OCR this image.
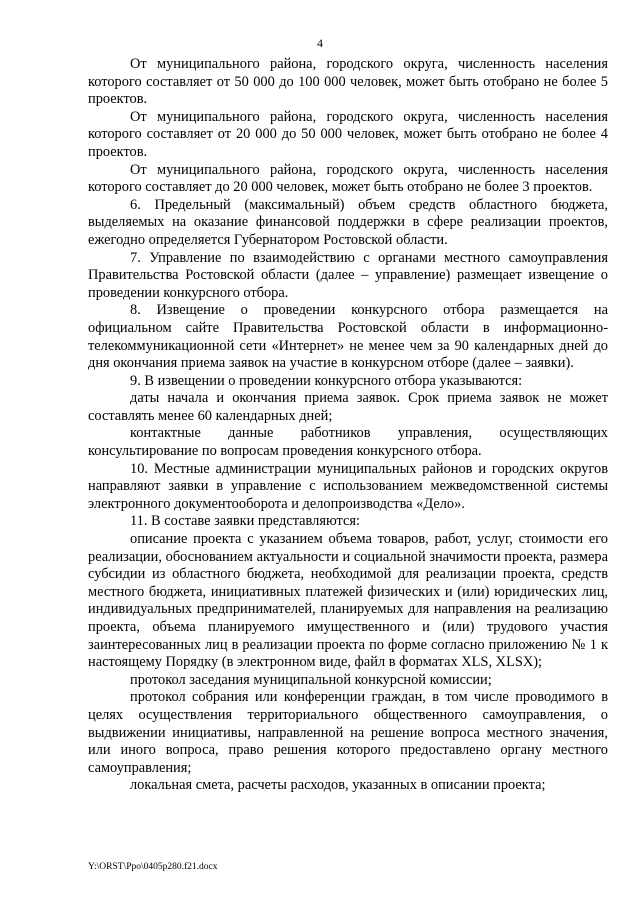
4

От муниципального района, городского округа, численность населения которого составляет от 50 000 до 100 000 человек, может быть отобрано не более 5 проектов.

От муниципального района, городского округа, численность населения которого составляет от 20 000 до 50 000 человек, может быть отобрано не более 4 проектов.

От муниципального района, городского округа, численность населения которого составляет до 20 000 человек, может быть отобрано не более 3 проектов.

6. Предельный (максимальный) объем средств областного бюджета, выделяемых на оказание финансовой поддержки в сфере реализации проектов, ежегодно определяется Губернатором Ростовской области.

7. Управление по взаимодействию с органами местного самоуправления Правительства Ростовской области (далее – управление) размещает извещение о проведении конкурсного отбора.

8. Извещение о проведении конкурсного отбора размещается на официальном сайте Правительства Ростовской области в информационно-телекоммуникационной сети «Интернет» не менее чем за 90 календарных дней до дня окончания приема заявок на участие в конкурсном отборе (далее – заявки).

9. В извещении о проведении конкурсного отбора указываются:

даты начала и окончания приема заявок. Срок приема заявок не может составлять менее 60 календарных дней;

контактные данные работников управления, осуществляющих консультирование по вопросам проведения конкурсного отбора.

10. Местные администрации муниципальных районов и городских округов направляют заявки в управление с использованием межведомственной системы электронного документооборота и делопроизводства «Дело».

11. В составе заявки представляются:

описание проекта с указанием объема товаров, работ, услуг, стоимости его реализации, обоснованием актуальности и социальной значимости проекта, размера субсидии из областного бюджета, необходимой для реализации проекта, средств местного бюджета, инициативных платежей физических и (или) юридических лиц, индивидуальных предпринимателей, планируемых для направления на реализацию проекта, объема планируемого имущественного и (или) трудового участия заинтересованных лиц в реализации проекта по форме согласно приложению № 1 к настоящему Порядку (в электронном виде, файл в форматах XLS, XLSX);

протокол заседания муниципальной конкурсной комиссии;

протокол собрания или конференции граждан, в том числе проводимого в целях осуществления территориального общественного самоуправления, о выдвижении инициативы, направленной на решение вопроса местного значения, или иного вопроса, право решения которого предоставлено органу местного самоуправления;

локальная смета, расчеты расходов, указанных в описании проекта;

Y:\ORST\Ppo\0405p280.f21.docx
